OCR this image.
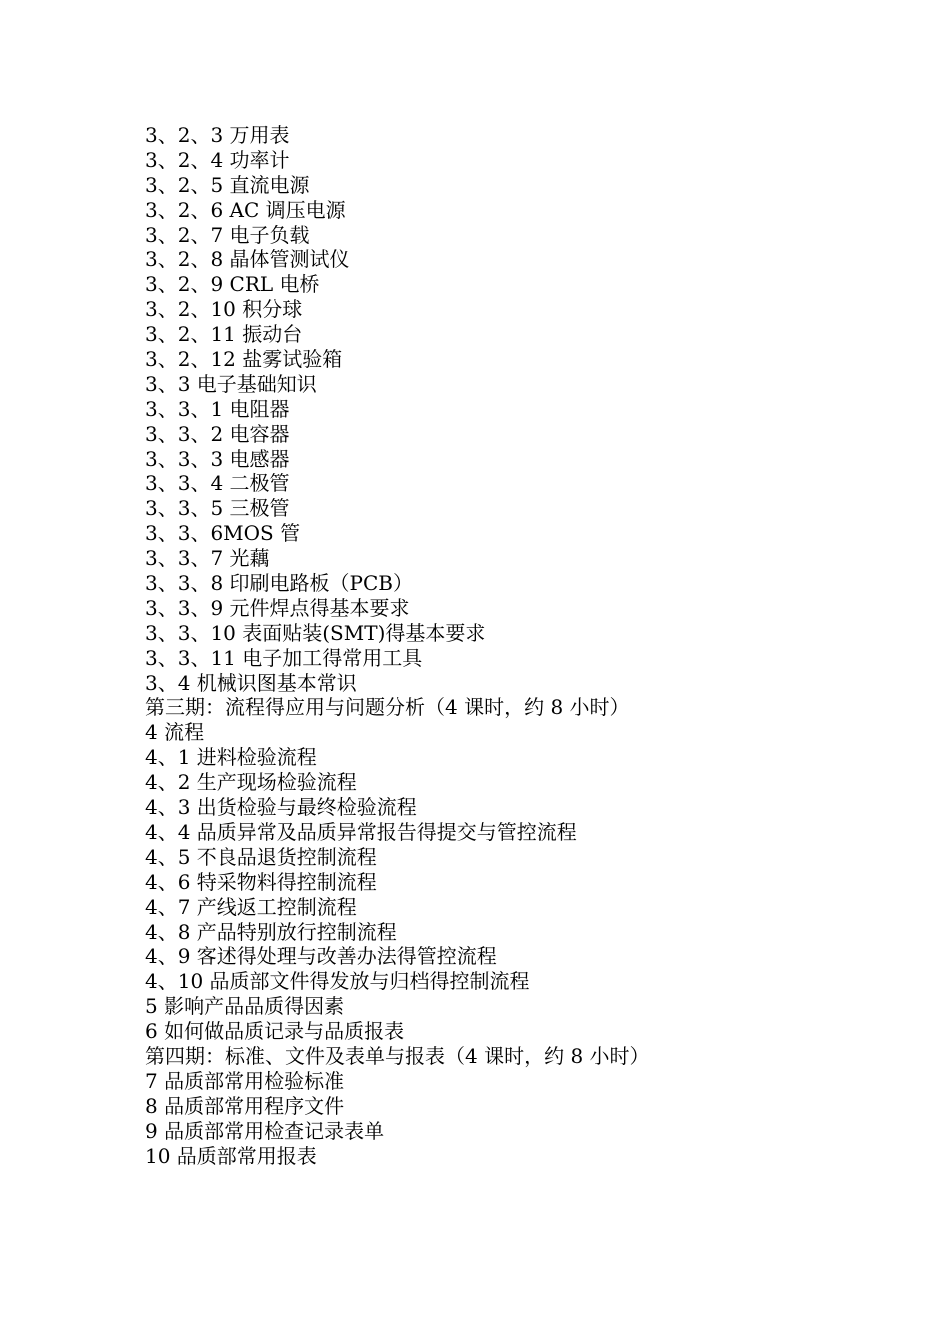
3、2、3 万用表
3、2、4 功率计
3、2、5 直流电源
3、2、6 AC 调压电源
3、2、7 电子负载
3、2、8 晶体管测试仪
3、2、9 CRL 电桥
3、2、10 积分球
3、2、11 振动台
3、2、12 盐雾试验箱
3、3 电子基础知识
3、3、1 电阻器
3、3、2 电容器
3、3、3 电感器
3、3、4 二极管
3、3、5 三极管
3、3、6MOS 管
3、3、7 光藕
3、3、8 印刷电路板（PCB）
3、3、9 元件焊点得基本要求
3、3、10 表面贴装(SMT)得基本要求
3、3、11 电子加工得常用工具
3、4 机械识图基本常识
第三期：流程得应用与问题分析（4 课时，约 8 小时）
4 流程
4、1 进料检验流程
4、2 生产现场检验流程
4、3 出货检验与最终检验流程
4、4 品质异常及品质异常报告得提交与管控流程
4、5 不良品退货控制流程
4、6 特采物料得控制流程
4、7 产线返工控制流程
4、8 产品特别放行控制流程
4、9 客述得处理与改善办法得管控流程
4、10 品质部文件得发放与归档得控制流程
5 影响产品品质得因素
6 如何做品质记录与品质报表
第四期：标准、文件及表单与报表（4 课时，约 8 小时）
7 品质部常用检验标准
8 品质部常用程序文件
9 品质部常用检查记录表单
10 品质部常用报表
